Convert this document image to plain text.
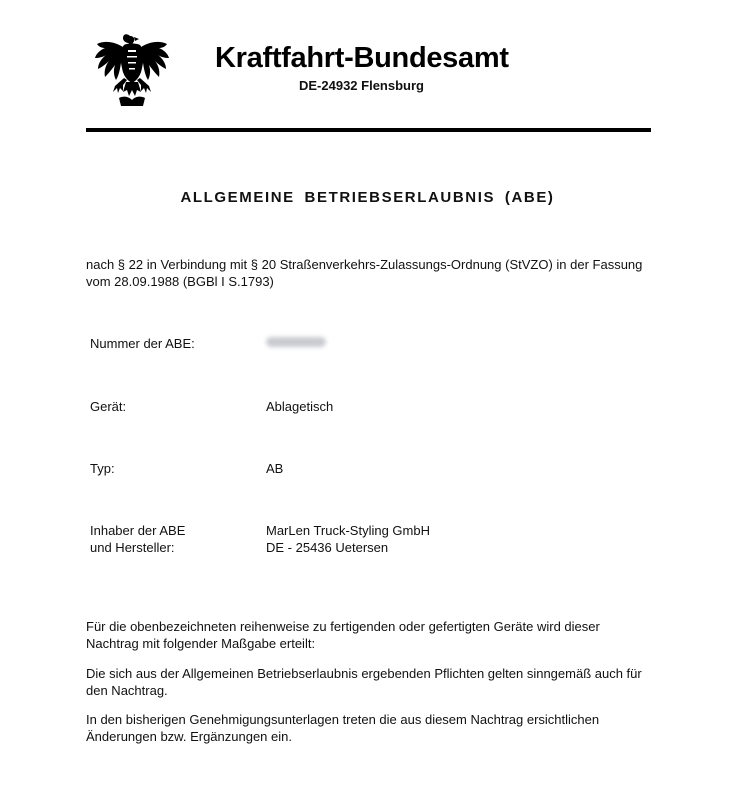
Kraftfahrt-Bundesamt
DE-24932 Flensburg
ALLGEMEINE BETRIEBSERLAUBNIS (ABE)

nach § 22 in Verbindung mit § 20 Straßenverkehrs-Zulassungs-Ordnung (StVZO) in der Fassung vom 28.09.1988 (BGBl I S.1793)

Nummer der ABE:
Gerät:	Ablagetisch
Typ:	AB
Inhaber der ABE
und Hersteller:
MarLen Truck-Styling GmbH
DE - 25436 Uetersen

Für die obenbezeichneten reihenweise zu fertigenden oder gefertigten Geräte wird dieser Nachtrag mit folgender Maßgabe erteilt:

Die sich aus der Allgemeinen Betriebserlaubnis ergebenden Pflichten gelten sinngemäß auch für den Nachtrag.

In den bisherigen Genehmigungsunterlagen treten die aus diesem Nachtrag ersichtlichen Änderungen bzw. Ergänzungen ein.
